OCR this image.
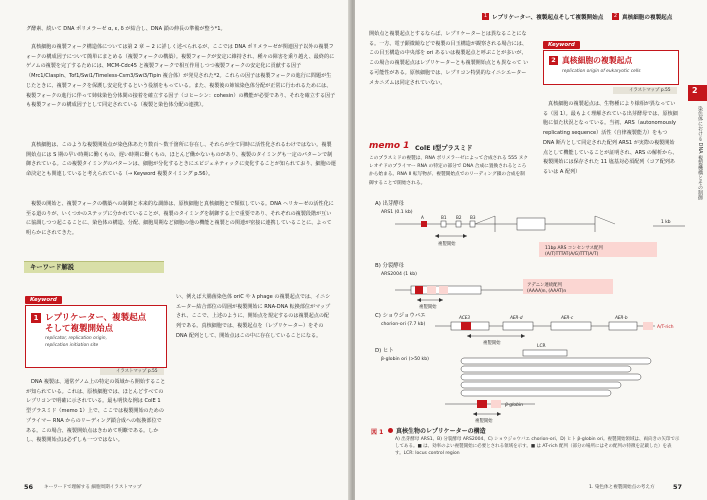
グ酵素、続いて DNA ポリメラーゼ α, ε, δ が結合し、DNA 鎖の伸長の準備が整う*1。

真核細胞の複製フォーク構造体については第 2 章 − 2 に詳しく述べられるが、ここでは DNA ポリメラーゼが関連因子以外の複製フォークの構成因子について簡単にまとめる（複製フォークの構築）。複製フォークが安定に維持され、種々の障害を乗り越え、最終的にゲノムの複製を完了するためには、MCM-Cdc45 と複製フォークで相互作用しつつ複製フォークの安定化に貢献する因子（Mrc1/Claspin、Tof1/Swi1/Timeless-Csm3/Swi3/Tipin 複合体）が発見された*2。これらの因子は複製フォークの進行に問題が生じたときに、複製フォークを保護し安定化するという役割をもっている。また、複製後の姉妹染色体分配が正常に行われるためには、複製フォークの進行に伴って姉妹染色分体間の接着を確立する因子（コヒーシン：cohesin）の機能が必要であり、それを確立する因子も複製フォークの構成因子として同定されている（複製と染色体分配の連携）。

真核細胞は、このような複製開始点が染色体あたり数百〜数千箇所に存在し、それらが全て同時に活性化されるわけではない。複製開始点には S 期の早い時期に働くもの、遅い時期に働くもの、ほとんど働かないものがあり、複製のタイミングも一定のパターンで制御されている。この複製タイミングのパターンは、細胞が分化するときにエピジェネティックに変化することが知られており、細胞の運命決定とも関連していると考えられている（→ Keyword 複製タイミング p.56）。

複製の開始と、複製フォークの構築への制御と本来的な調節は、原核細胞と真核細胞とで類似している。DNA ヘリカーゼの活性化に至る道のりが、いくつかのステップに分かれていることが、複製のタイミングを制御する上で重要であり、それぞれの複製段階が互いに協調しつつ起こることに、染色体の構造、分配、細胞周期など細胞の他の機能と複製との関連が密接に連携していることに、よって明らかにされてきた。

キーワード解説
Keyword
1 レプリケーター、複製起点
そして複製開始点
replicator, replication origin,
replication initiation site
イラストマップ p.55

DNA 複製は、通常ゲノム上の特定の領域から開始することが知られている。これは、原核細胞では、ほとんどすべてのレプリコンで明確に示されている。最も明快な例は ColE 1 型プラスミド（memo 1）上で、ここでは複製開始のためのプライマー RNA からのリーディング鎖合成への転換部位である。この場合、複製開始点はきわめて明瞭である。しかし、複製開始点は必ずしも一つではない。

い、例えば大腸菌染色体 oriC や λ phage の複製起点では、イニシエーター結合部位の周囲が複製開始に RNA-DNA 転換部位がマップされ、ここで、上述のように、開始点を規定するのは複製起点の配列である。真核細胞では、複製起点を（レプリケーター）をその DNA 配列として、開始点はこの中に存在していることになる。

56 キーワードで理解する 細胞周期イラストマップ
1 レプリケーター、複製起点そして複製開始点	2 真核細胞の複製起点

開始点と複製起点とするならば、レプリケーターとは異なることになる。一方、電子顕微鏡などで複製の目玉構造が観察される場合には、この目玉構造の中央部を ori あるいは複製起点と呼ぶことが多いが、この場合の複製起点はレプリケーターとも複製開始点とも異なって いる可能性がある。原核細胞では、レプリコン特異的なイニシエーターメカニズムは同定されていない。

Keyword
2 真核細胞の複製起点
replication origin of eukaryotic cells
イラストマップ p.55

真核細胞の複製起点は、生物種により様相が異なっている（図 1）。最もよく理解されている出芽酵母では、原核細胞に似た状況となっている。当初、ARS（autonomously replicating sequence）活性（自律複製能力）をもつ DNA 断片として同定された配列 ARS1 が実際の複製開始点として機能していることが証明され、ARS の解析から、複製開始には保存された 11 塩基対必須配列（コア配列あるいは A 配列）

memo 1 ColE Ⅰ型プラスミド

このプラスミドの複製は、RNA ポリメラーゼによって合成される 555 ヌクレオチドのプライマー RNA の特定の部分で DNA 合成に置換されるところから始まる。RNA II 転写物が、複製開始点でのリーディング鎖の合成を制御することで開始される。

A) 出芽酵母
ARS1 (0.1 kb)
A	B1 B2 B3
1 kb
複製開始
11bp ARS コンセンサス配列
(A/T)TTTAT(A/G)TTT(A/T)
B) 分裂酵母
ARS2004 (1 kb)
複製開始
アデニン連続配列
(AAAA)n, (AAAT)n
C) ショウジョウバエ
chorion-ori (7.7 kb)
ACE3	AER-d	AER-c	AER-b
A/T-rich
複製開始
D) ヒト
β-globin ori (>50 kb)
LCR
β-globin
複製開始
図 1 真核生物のレプリケーターの構造

A) 出芽酵母 ARS1、B) 分裂酵母 ARS2004、C) ショウジョウバエ chorion-ori、D) ヒト β-globin ori。複製開始領域は、両向きの矢印で示してある。■ は、効率のよい複製開始に必要とされる領域を示す。■ は AT-rich 配列（部分の場所にはその配列の特徴を記載した）を表す。LCR: locus control region

2
染色体における DNA 複製機構とその制御
1. 染色体と複製開始点の考え方	57
